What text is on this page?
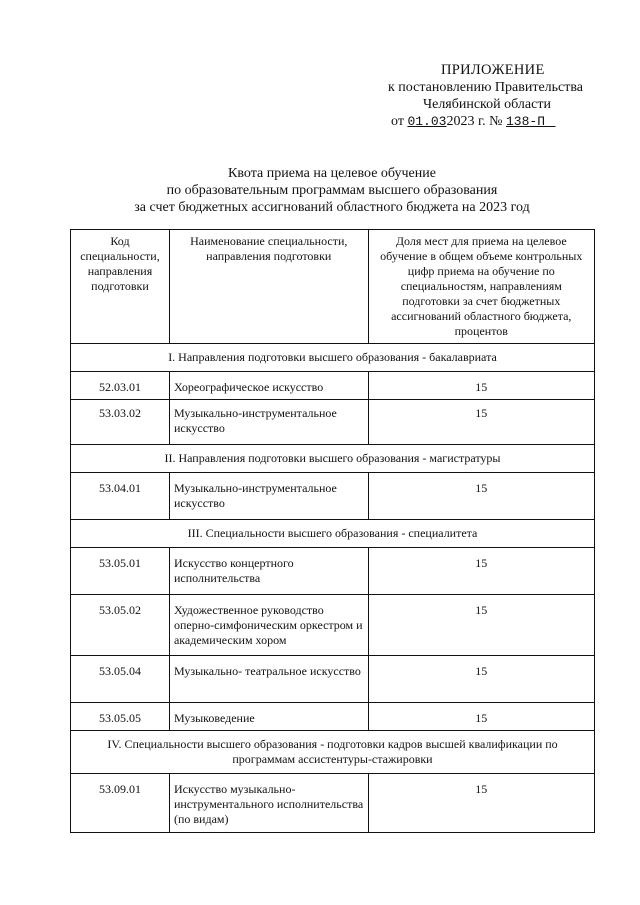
ПРИЛОЖЕНИЕ
к постановлению Правительства
Челябинской области
от 01.032023 г. № 138-П
Квота приема на целевое обучение
по образовательным программам высшего образования
за счет бюджетных ассигнований областного бюджета на 2023 год
Код специальности, направления подготовки	Наименование специальности, направления подготовки	Доля мест для приема на целевое обучение в общем объеме контрольных цифр приема на обучение по специальностям, направлениям подготовки за счет бюджетных ассигнований областного бюджета, процентов
I. Направления подготовки высшего образования - бакалавриата		
52.03.01	Хореографическое искусство	15
53.03.02	Музыкально-инструментальное искусство	15
II. Направления подготовки высшего образования - магистратуры		
53.04.01	Музыкально-инструментальное искусство	15
III. Специальности высшего образования - специалитета		
53.05.01	Искусство концертного исполнительства	15
53.05.02	Художественное руководство оперно-симфоническим оркестром и академическим хором	15
53.05.04	Музыкально- театральное искусство	15
53.05.05	Музыковедение	15
IV. Специальности высшего образования - подготовки кадров высшей квалификации по программам ассистентуры-стажировки		
53.09.01	Искусство музыкально-инструментального исполнительства (по видам)	15
